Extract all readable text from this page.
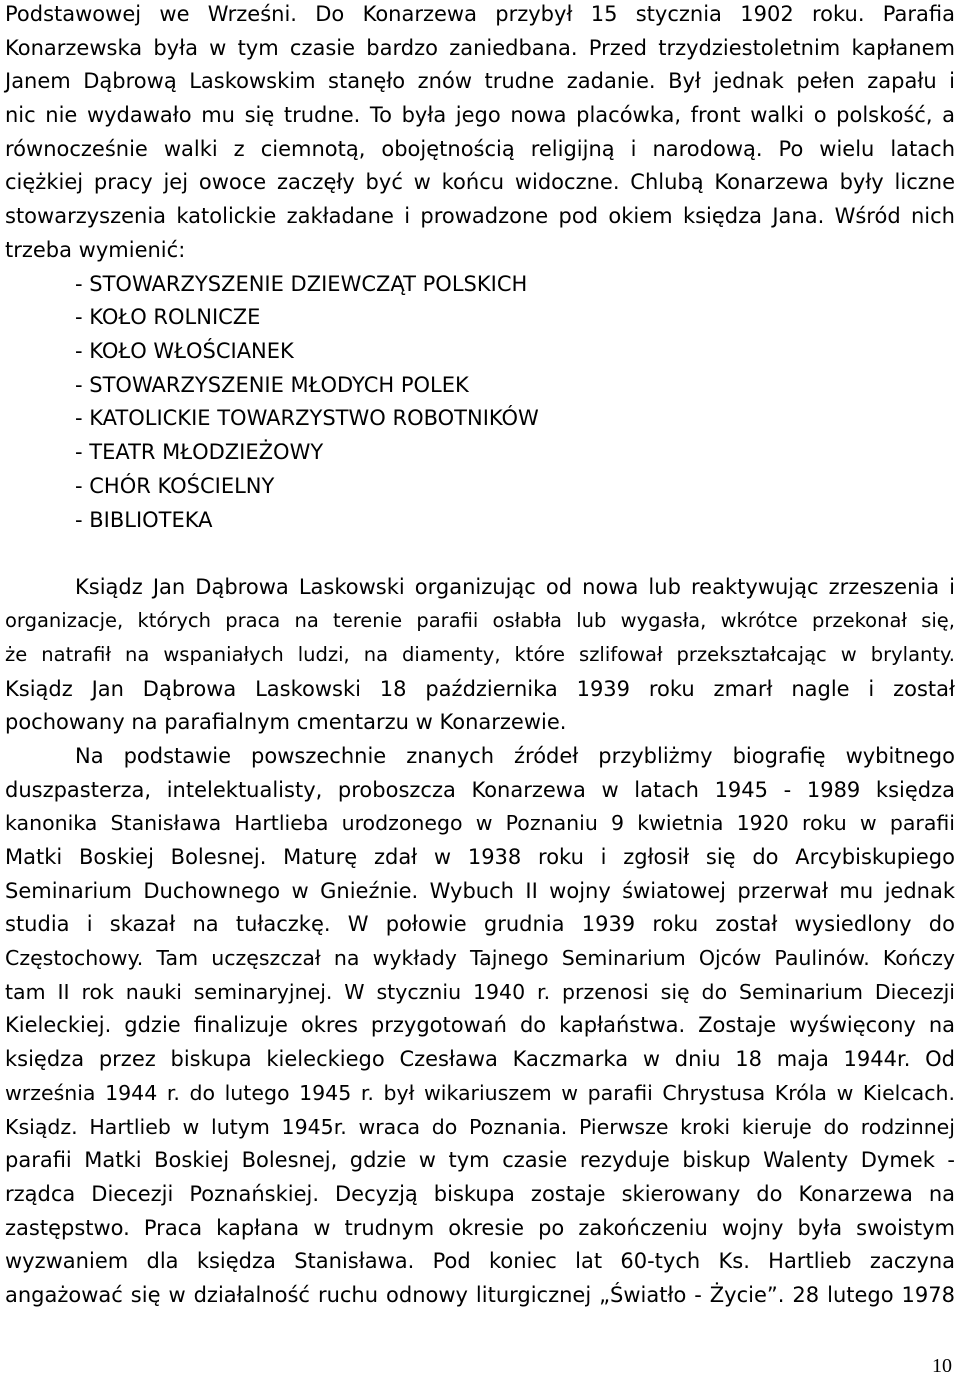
Podstawowej we Wrześni. Do Konarzewa przybył 15 stycznia 1902 roku. Parafia
Konarzewska była w tym czasie bardzo zaniedbana. Przed trzydziestoletnim kapłanem
Janem Dąbrową Laskowskim stanęło znów trudne zadanie. Był jednak pełen zapału i
nic nie wydawało mu się trudne. To była jego nowa placówka, front walki o polskość, a
równocześnie walki z ciemnotą, obojętnością religijną i narodową. Po wielu latach
ciężkiej pracy jej owoce zaczęły być w końcu widoczne. Chlubą Konarzewa były liczne
stowarzyszenia katolickie zakładane i prowadzone pod okiem księdza Jana. Wśród nich
trzeba wymienić:
- STOWARZYSZENIE DZIEWCZĄT POLSKICH
- KOŁO ROLNICZE
- KOŁO WŁOŚCIANEK
- STOWARZYSZENIE MŁODYCH POLEK
- KATOLICKIE TOWARZYSTWO ROBOTNIKÓW
- TEATR MŁODZIEŻOWY
- CHÓR KOŚCIELNY
- BIBLIOTEKA
Ksiądz Jan Dąbrowa Laskowski organizując od nowa lub reaktywując zrzeszenia i
organizacje, których praca na terenie parafii osłabła lub wygasła, wkrótce przekonał się,
że natrafił na wspaniałych ludzi, na diamenty, które szlifował przekształcając w brylanty.
Ksiądz Jan Dąbrowa Laskowski 18 października 1939 roku zmarł nagle i został
pochowany na parafialnym cmentarzu w Konarzewie.
Na podstawie powszechnie znanych źródeł przybliżmy biografię wybitnego
duszpasterza, intelektualisty, proboszcza Konarzewa w latach 1945 - 1989 księdza
kanonika Stanisława Hartlieba urodzonego w Poznaniu 9 kwietnia 1920 roku w parafii
Matki Boskiej Bolesnej. Maturę zdał w 1938 roku i zgłosił się do Arcybiskupiego
Seminarium Duchownego w Gnieźnie. Wybuch II wojny światowej przerwał mu jednak
studia i skazał na tułaczkę. W połowie grudnia 1939 roku został wysiedlony do
Częstochowy. Tam uczęszczał na wykłady Tajnego Seminarium Ojców Paulinów. Kończy
tam II rok nauki seminaryjnej. W styczniu 1940 r. przenosi się do Seminarium Diecezji
Kieleckiej. gdzie finalizuje okres przygotowań do kapłaństwa. Zostaje wyświęcony na
księdza przez biskupa kieleckiego Czesława Kaczmarka w dniu 18 maja 1944r. Od
września 1944 r. do lutego 1945 r. był wikariuszem w parafii Chrystusa Króla w Kielcach.
Ksiądz. Hartlieb w lutym 1945r. wraca do Poznania. Pierwsze kroki kieruje do rodzinnej
parafii Matki Boskiej Bolesnej, gdzie w tym czasie rezyduje biskup Walenty Dymek -
rządca Diecezji Poznańskiej. Decyzją biskupa zostaje skierowany do Konarzewa na
zastępstwo. Praca kapłana w trudnym okresie po zakończeniu wojny była swoistym
wyzwaniem dla księdza Stanisława. Pod koniec lat 60-tych Ks. Hartlieb zaczyna
angażować się w działalność ruchu odnowy liturgicznej „Światło - Życie”. 28 lutego 1978
10
